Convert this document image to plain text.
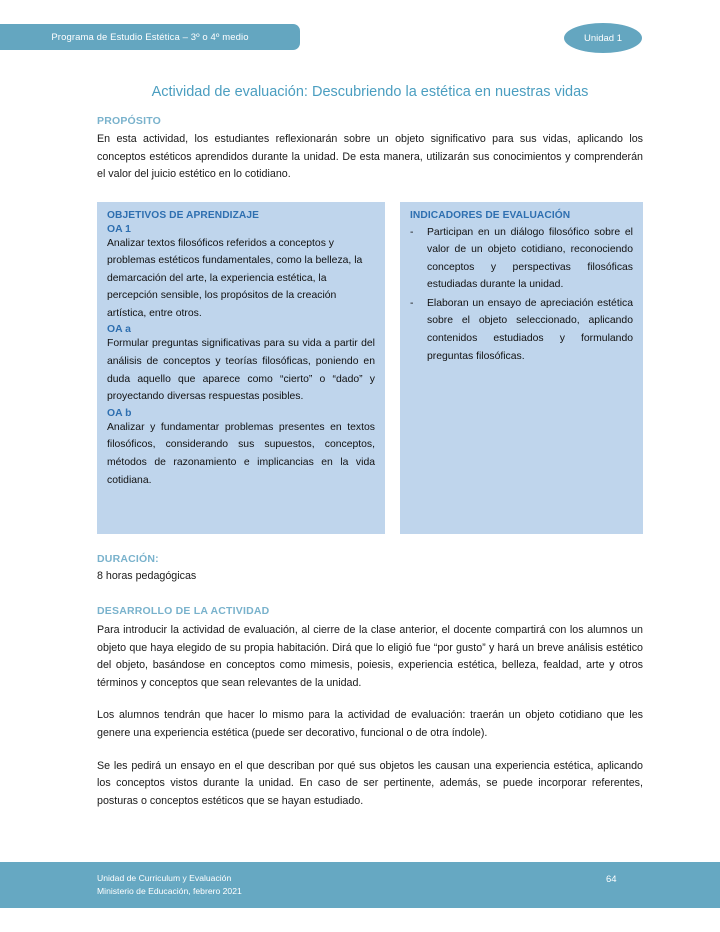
Programa de Estudio Estética – 3º o 4º medio	Unidad 1
Actividad de evaluación: Descubriendo la estética en nuestras vidas
PROPÓSITO
En esta actividad, los estudiantes reflexionarán sobre un objeto significativo para sus vidas, aplicando los conceptos estéticos aprendidos durante la unidad. De esta manera, utilizarán sus conocimientos y comprenderán el valor del juicio estético en lo cotidiano.
OBJETIVOS DE APRENDIZAJE
OA 1
Analizar textos filosóficos referidos a conceptos y problemas estéticos fundamentales, como la belleza, la demarcación del arte, la experiencia estética, la percepción sensible, los propósitos de la creación artística, entre otros.
OA a
Formular preguntas significativas para su vida a partir del análisis de conceptos y teorías filosóficas, poniendo en duda aquello que aparece como “cierto” o “dado” y proyectando diversas respuestas posibles.
OA b
Analizar y fundamentar problemas presentes en textos filosóficos, considerando sus supuestos, conceptos, métodos de razonamiento e implicancias en la vida cotidiana.
INDICADORES DE EVALUACIÓN
-	Participan en un diálogo filosófico sobre el valor de un objeto cotidiano, reconociendo conceptos y perspectivas filosóficas estudiadas durante la unidad.
-	Elaboran un ensayo de apreciación estética sobre el objeto seleccionado, aplicando contenidos estudiados y formulando preguntas filosóficas.
DURACIÓN:
8 horas pedagógicas
DESARROLLO DE LA ACTIVIDAD
Para introducir la actividad de evaluación, al cierre de la clase anterior, el docente compartirá con los alumnos un objeto que haya elegido de su propia habitación. Dirá que lo eligió fue “por gusto” y hará un breve análisis estético del objeto, basándose en conceptos como mimesis, poiesis, experiencia estética, belleza, fealdad, arte y otros términos y conceptos que sean relevantes de la unidad.
Los alumnos tendrán que hacer lo mismo para la actividad de evaluación: traerán un objeto cotidiano que les genere una experiencia estética (puede ser decorativo, funcional o de otra índole).
Se les pedirá un ensayo en el que describan por qué sus objetos les causan una experiencia estética, aplicando los conceptos vistos durante la unidad. En caso de ser pertinente, además, se puede incorporar referentes, posturas o conceptos estéticos que se hayan estudiado.
Unidad de Curriculum y Evaluación
Ministerio de Educación, febrero 2021
64
